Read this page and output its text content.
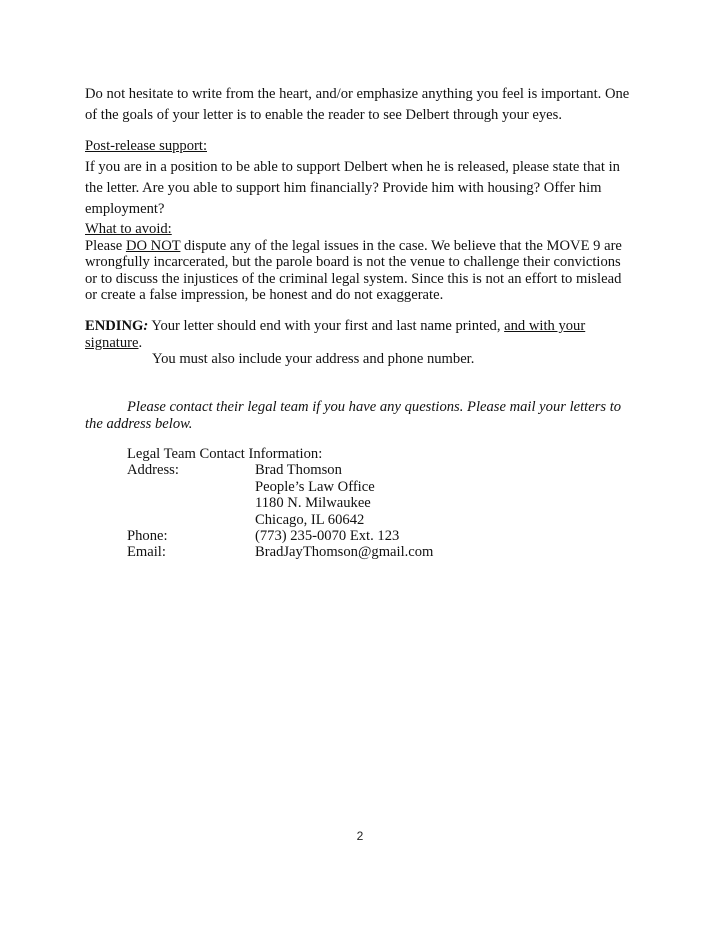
Do not hesitate to write from the heart, and/or emphasize anything you feel is important. One of the goals of your letter is to enable the reader to see Delbert through your eyes.

Post-release support:

If you are in a position to be able to support Delbert when he is released, please state that in the letter. Are you able to support him financially? Provide him with housing? Offer him employment?

What to avoid:

Please DO NOT dispute any of the legal issues in the case. We believe that the MOVE 9 are wrongfully incarcerated, but the parole board is not the venue to challenge their convictions or to discuss the injustices of the criminal legal system. Since this is not an effort to mislead or create a false impression, be honest and do not exaggerate.

ENDING: Your letter should end with your first and last name printed, and with your signature.

You must also include your address and phone number.

Please contact their legal team if you have any questions. Please mail your letters to the address below.

Legal Team Contact Information:

Address:	Brad Thomson
People’s Law Office
1180 N. Milwaukee
Chicago, IL 60642
Phone:	(773) 235-0070 Ext. 123
Email:	BradJayThomson@gmail.com
2
